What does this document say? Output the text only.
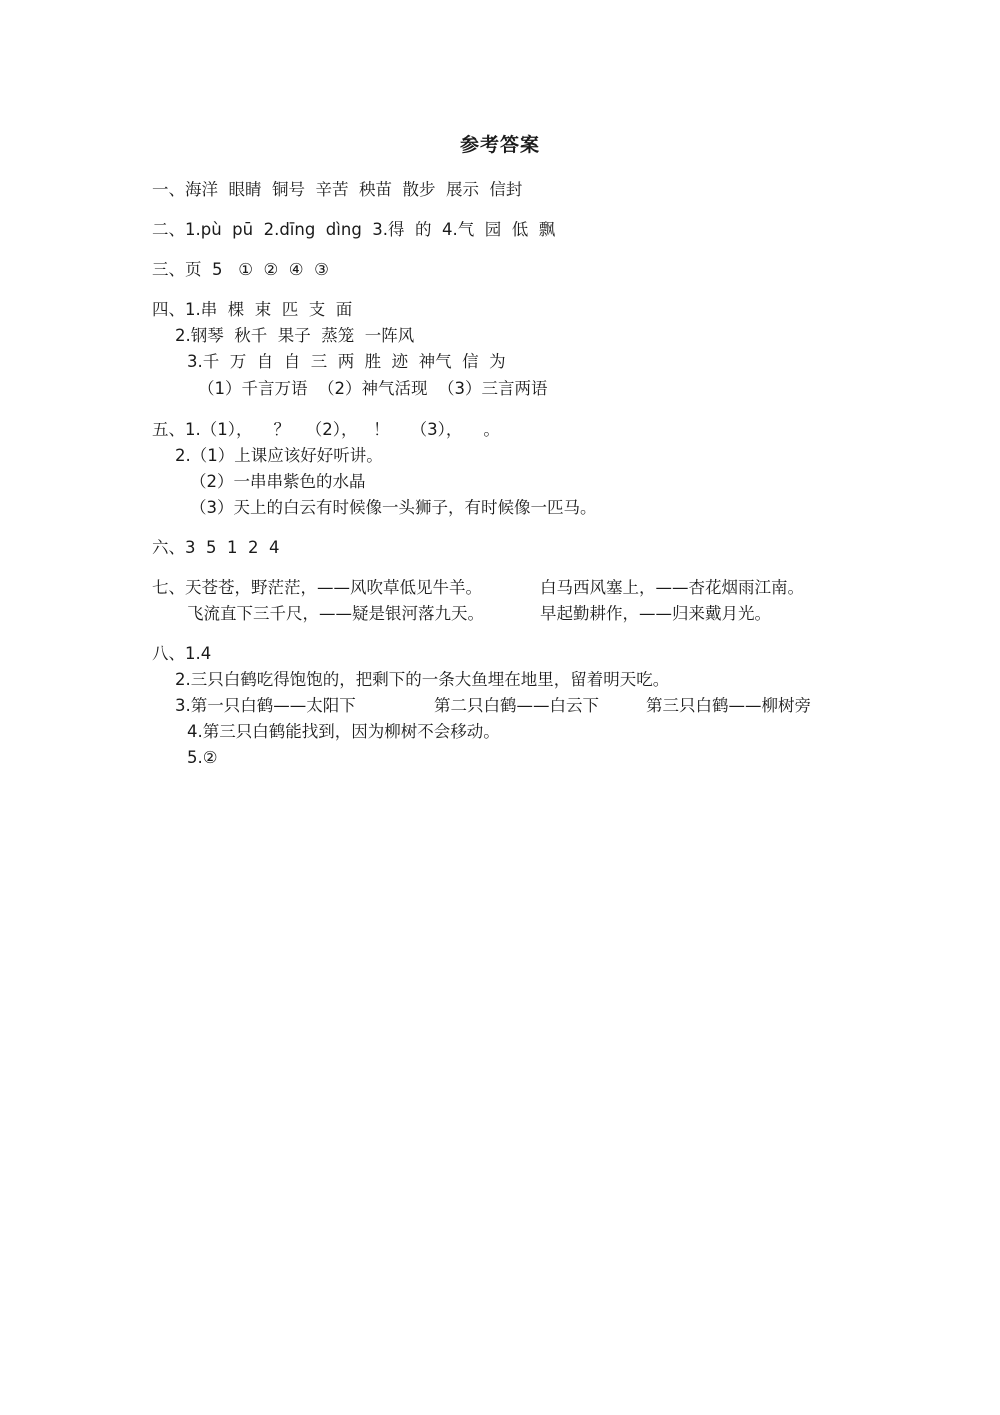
参考答案
一、海洋  眼睛  铜号  辛苦  秧苗  散步  展示  信封
二、1.pù  pū  2.dīng  dìng  3.得  的  4.气  园  低  飘
三、页  5   ①  ②  ④  ③
四、1.串  棵  束  匹  支  面
2.钢琴  秋千  果子  蒸笼  一阵风
3.千  万  自  自  三  两  胜  迹  神气  信  为
（1）千言万语  （2）神气活现  （3）三言两语
五、1.（1），    ？   （2），   ！    （3），    。
2.（1）上课应该好好听讲。
（2）一串串紫色的水晶
（3）天上的白云有时候像一头狮子，有时候像一匹马。
六、3  5  1  2  4
七、天苍苍，野茫茫，——风吹草低见牛羊。	白马西风塞上，——杏花烟雨江南。
飞流直下三千尺，——疑是银河落九天。	早起勤耕作，——归来戴月光。
八、1.4
2.三只白鹤吃得饱饱的，把剩下的一条大鱼埋在地里，留着明天吃。
3.第一只白鹤——太阳下	第二只白鹤——白云下	第三只白鹤——柳树旁
4.第三只白鹤能找到，因为柳树不会移动。
5.②
